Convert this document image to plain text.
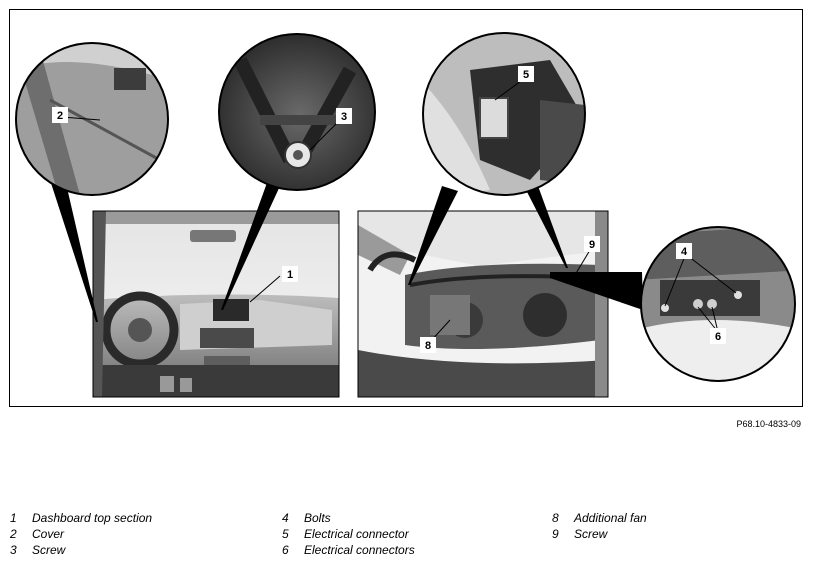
1
2	3
4
5
6
8
9
P68.10-4833-09
1 Dashboard top section
2 Cover
3 Screw
4 Bolts
5 Electrical connector
6 Electrical connectors
8 Additional fan
9 Screw
